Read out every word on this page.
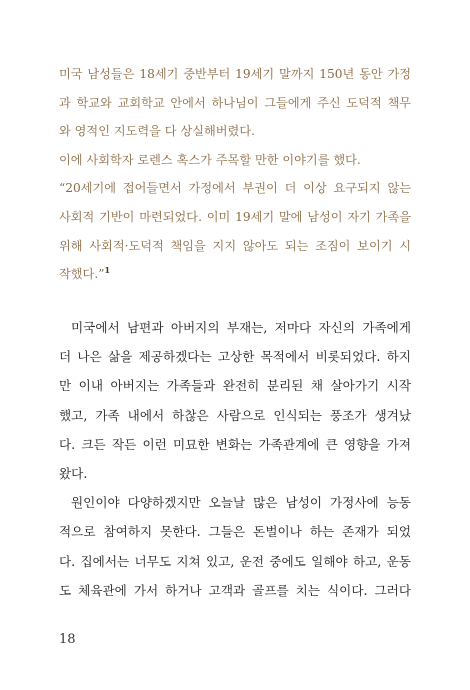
미국 남성들은 18세기 중반부터 19세기 말까지 150년 동안 가정
과 학교와 교회학교 안에서 하나님이 그들에게 주신 도덕적 책무
와 영적인 지도력을 다 상실해버렸다.
이에 사회학자 로렌스 혹스가 주목할 만한 이야기를 했다.
“20세기에 접어들면서 가정에서 부권이 더 이상 요구되지 않는
사회적 기반이 마련되었다. 이미 19세기 말에 남성이 자기 가족을
위해 사회적·도덕적 책임을 지지 않아도 되는 조짐이 보이기 시
작했다.”$^1$
미국에서 남편과 아버지의 부재는, 저마다 자신의 가족에게
더 나은 삶을 제공하겠다는 고상한 목적에서 비롯되었다. 하지
만 이내 아버지는 가족들과 완전히 분리된 채 살아가기 시작
했고, 가족 내에서 하찮은 사람으로 인식되는 풍조가 생겨났
다. 크든 작든 이런 미묘한 변화는 가족관계에 큰 영향을 가져
왔다.
원인이야 다양하겠지만 오늘날 많은 남성이 가정사에 능동
적으로 참여하지 못한다. 그들은 돈벌이나 하는 존재가 되었
다. 집에서는 너무도 지쳐 있고, 운전 중에도 일해야 하고, 운동
도 체육관에 가서 하거나 고객과 골프를 치는 식이다. 그러다
18
